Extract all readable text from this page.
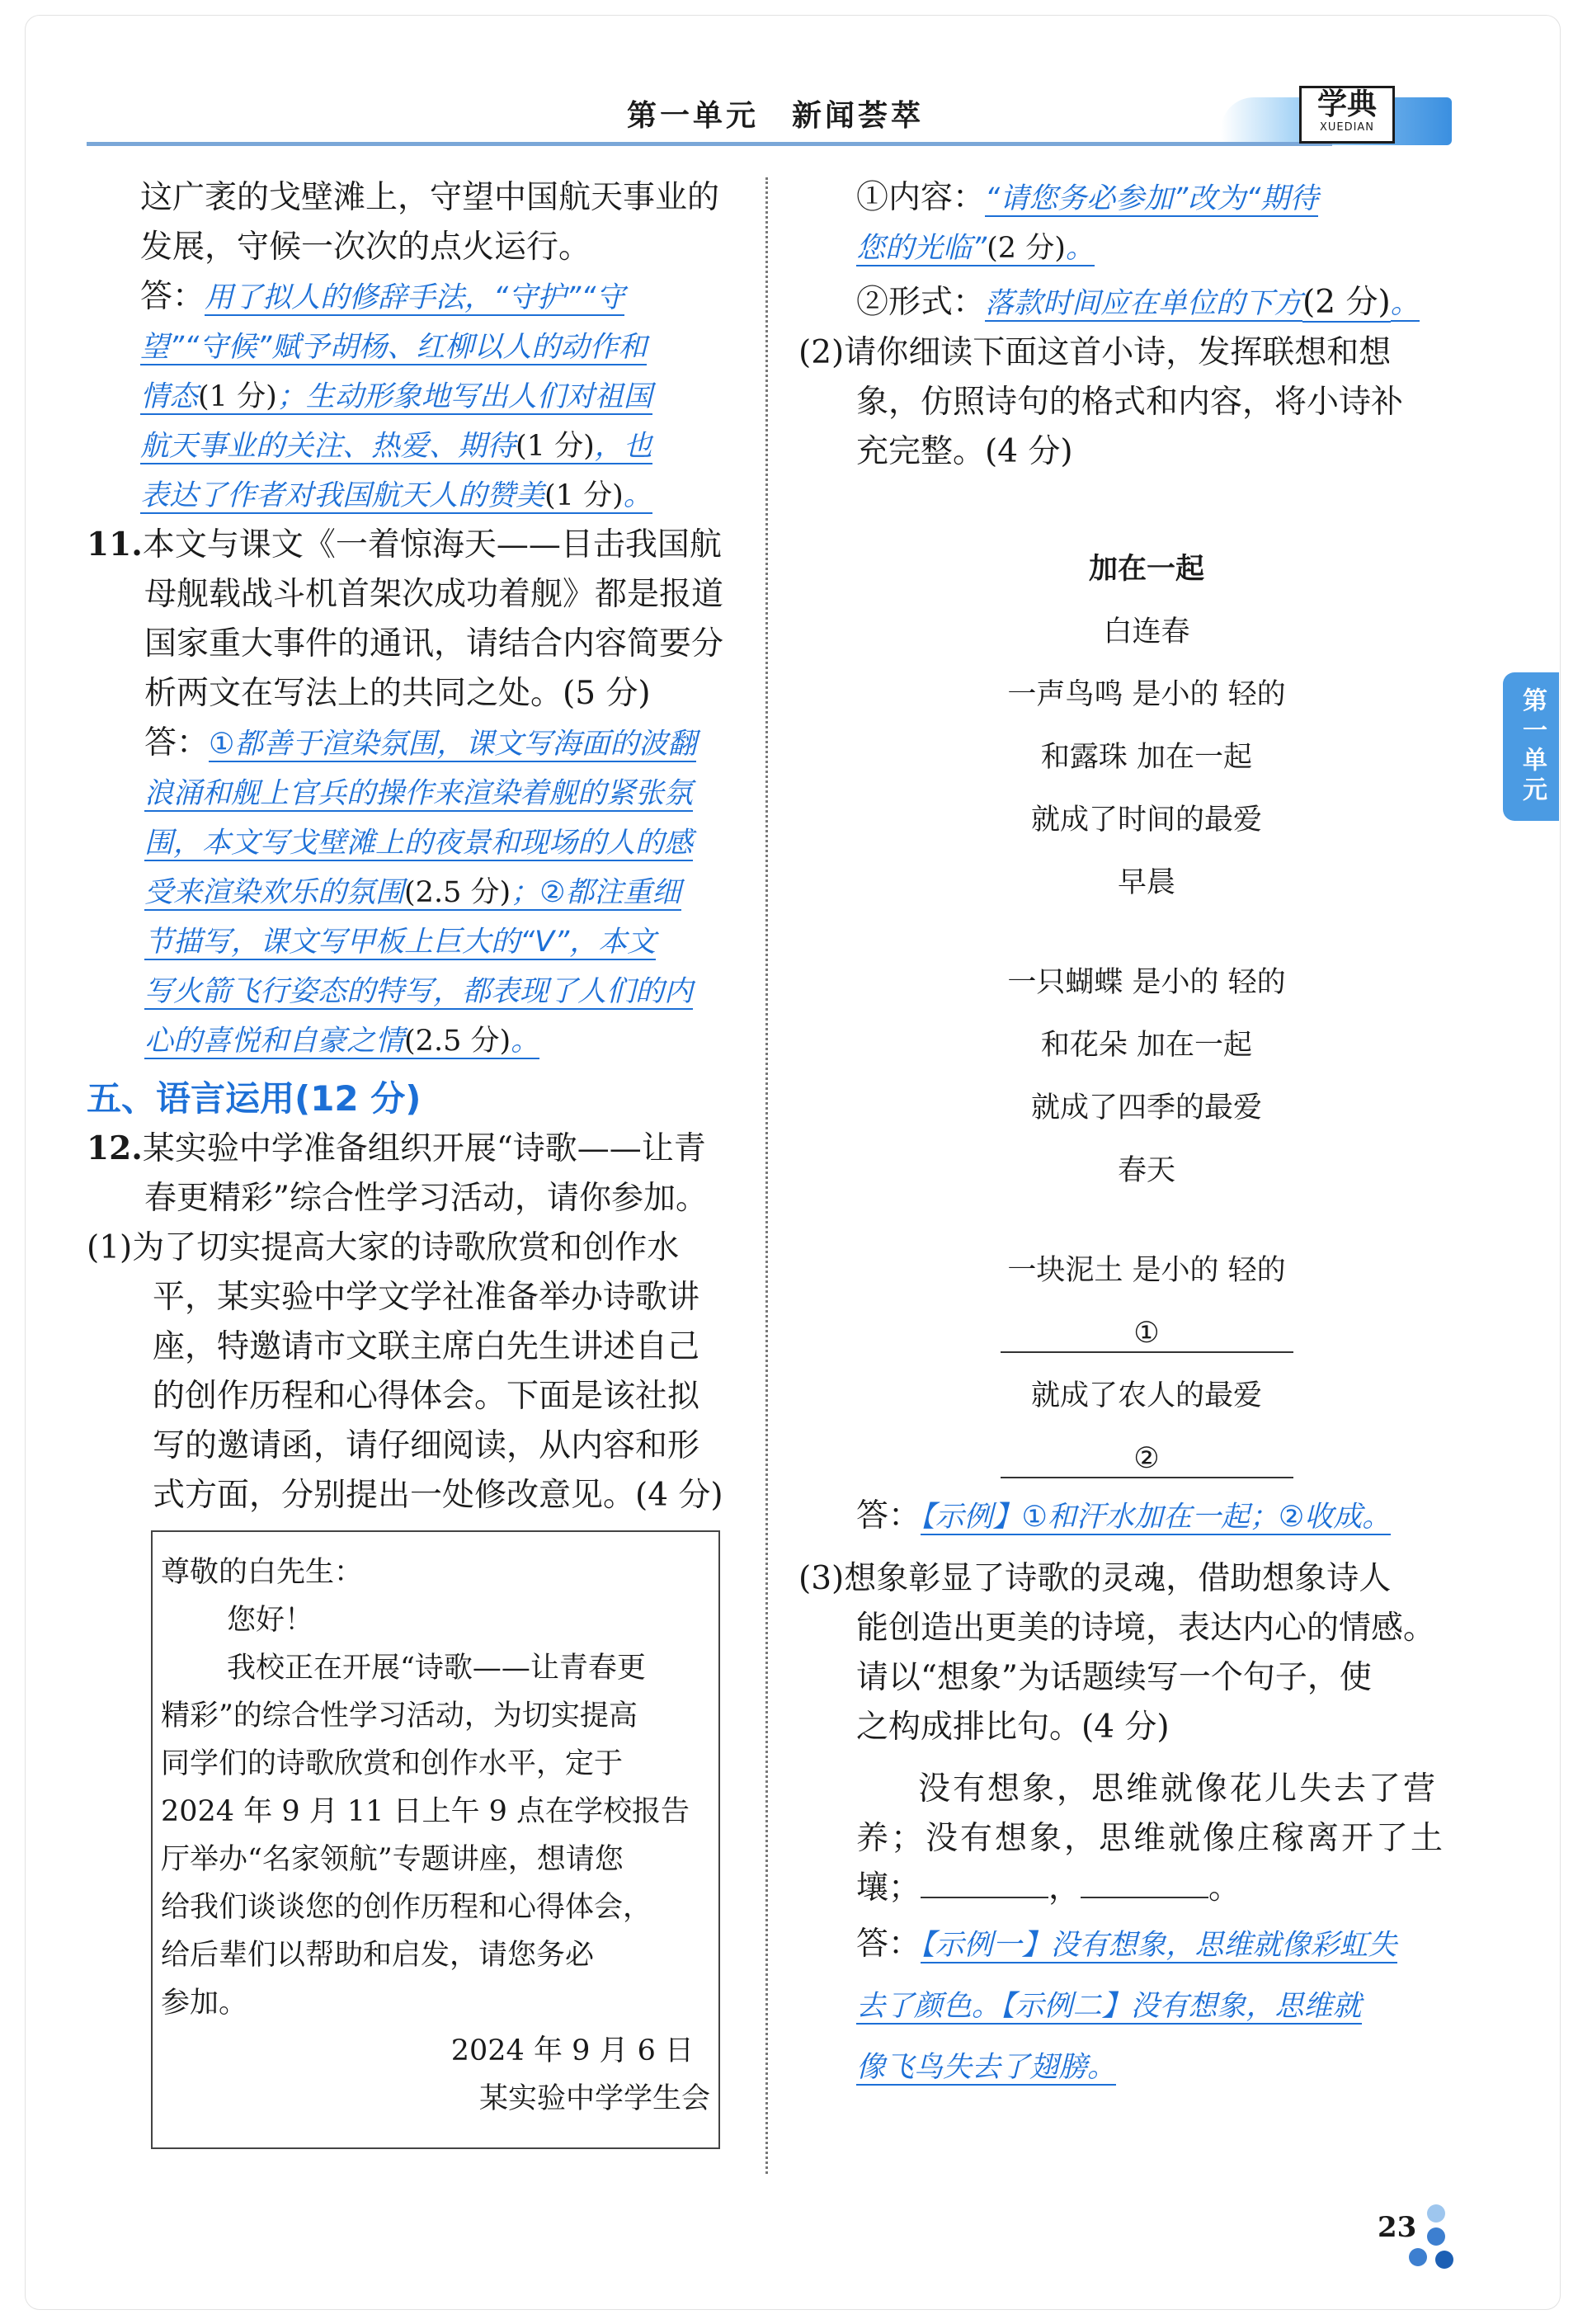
第一单元　新闻荟萃	学典
XUEDIAN
第一单元

这广袤的戈壁滩上，守望中国航天事业的

发展，守候一次次的点火运行。

答：用了拟人的修辞手法，“守护”“守

望”“守候”赋予胡杨、红柳以人的动作和

情态(1 分)；生动形象地写出人们对祖国

航天事业的关注、热爱、期待(1 分)，也

表达了作者对我国航天人的赞美(1 分)。

11.本文与课文《一着惊海天——目击我国航

母舰载战斗机首架次成功着舰》都是报道

国家重大事件的通讯，请结合内容简要分

析两文在写法上的共同之处。(5 分)

答：①都善于渲染氛围，课文写海面的波翻

浪涌和舰上官兵的操作来渲染着舰的紧张氛

围，本文写戈壁滩上的夜景和现场的人的感

受来渲染欢乐的氛围(2.5 分)；②都注重细

节描写，课文写甲板上巨大的“V”，本文

写火箭飞行姿态的特写，都表现了人们的内

心的喜悦和自豪之情(2.5 分)。

五、语言运用(12 分)

12.某实验中学准备组织开展“诗歌——让青

春更精彩”综合性学习活动，请你参加。

(1)为了切实提高大家的诗歌欣赏和创作水

平，某实验中学文学社准备举办诗歌讲

座，特邀请市文联主席白先生讲述自己

的创作历程和心得体会。下面是该社拟

写的邀请函，请仔细阅读，从内容和形

式方面，分别提出一处修改意见。(4 分)

尊敬的白先生：

您好！

我校正在开展“诗歌——让青春更

精彩”的综合性学习活动，为切实提高

同学们的诗歌欣赏和创作水平，定于

2024 年 9 月 11 日上午 9 点在学校报告

厅举办“名家领航”专题讲座，想请您

给我们谈谈您的创作历程和心得体会，

给后辈们以帮助和启发，请您务必

参加。

2024 年 9 月 6 日

某实验中学学生会

①内容：“请您务必参加”改为“期待

您的光临”(2 分)。

②形式：落款时间应在单位的下方(2 分)。

(2)请你细读下面这首小诗，发挥联想和想

象，仿照诗句的格式和内容，将小诗补

充完整。(4 分)

加在一起

白连春

一声鸟鸣 是小的 轻的

和露珠 加在一起

就成了时间的最爱

早晨

一只蝴蝶 是小的 轻的

和花朵 加在一起

就成了四季的最爱

春天

一块泥土 是小的 轻的

①

就成了农人的最爱

②

答：【示例】①和汗水加在一起；②收成。

(3)想象彰显了诗歌的灵魂，借助想象诗人

能创造出更美的诗境，表达内心的情感。

请以“想象”为话题续写一个句子，使

之构成排比句。(4 分)

没有想象，思维就像花儿失去了营

养；没有想象，思维就像庄稼离开了土

壤；	，	。

答：【示例一】没有想象，思维就像彩虹失

去了颜色。【示例二】没有想象，思维就

像飞鸟失去了翅膀。

23
